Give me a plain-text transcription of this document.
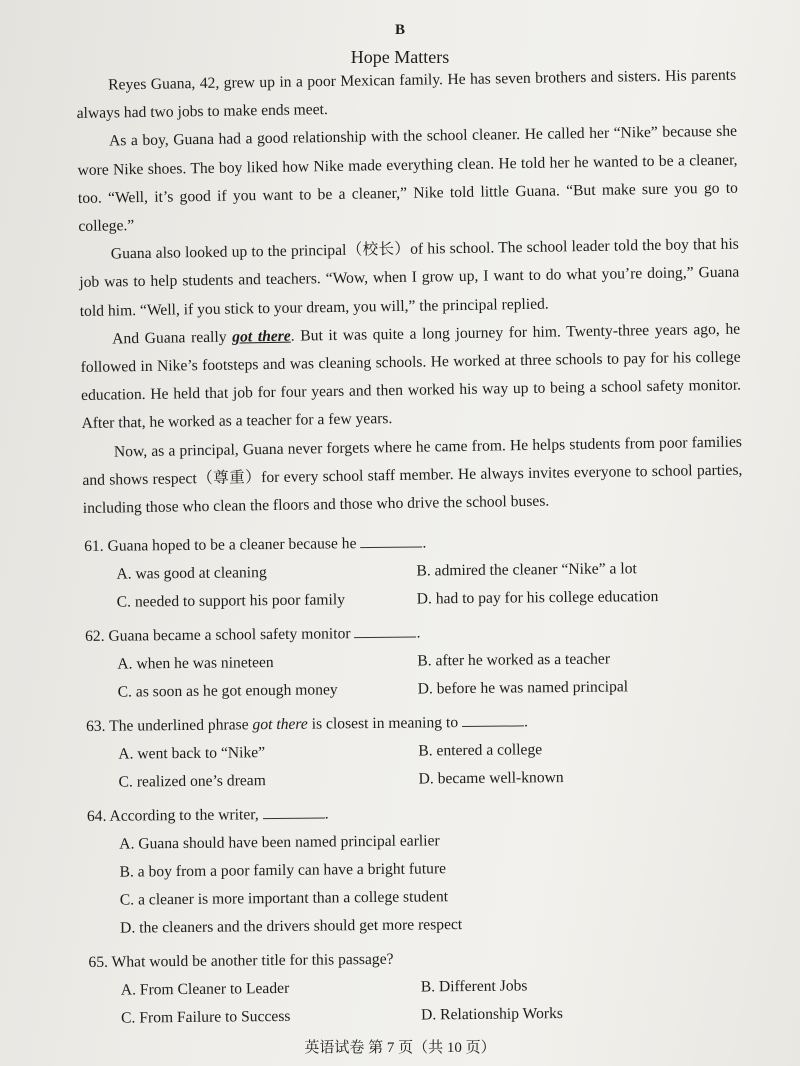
B
Hope Matters

Reyes Guana, 42, grew up in a poor Mexican family. He has seven brothers and sisters. His parents always had two jobs to make ends meet.

As a boy, Guana had a good relationship with the school cleaner. He called her “Nike” because she wore Nike shoes. The boy liked how Nike made everything clean. He told her he wanted to be a cleaner, too. “Well, it’s good if you want to be a cleaner,” Nike told little Guana. “But make sure you go to college.”

Guana also looked up to the principal（校长）of his school. The school leader told the boy that his job was to help students and teachers. “Wow, when I grow up, I want to do what you’re doing,” Guana told him. “Well, if you stick to your dream, you will,” the principal replied.

And Guana really got there. But it was quite a long journey for him. Twenty-three years ago, he followed in Nike’s footsteps and was cleaning schools. He worked at three schools to pay for his college education. He held that job for four years and then worked his way up to being a school safety monitor. After that, he worked as a teacher for a few years.

Now, as a principal, Guana never forgets where he came from. He helps students from poor families and shows respect（尊重）for every school staff member. He always invites everyone to school parties, including those who clean the floors and those who drive the school buses.

61. Guana hoped to be a cleaner because he	.
A. was good at cleaning	B. admired the cleaner “Nike” a lot
C. needed to support his poor family	D. had to pay for his college education
62. Guana became a school safety monitor	.
A. when he was nineteen	B. after he worked as a teacher
C. as soon as he got enough money	D. before he was named principal
63. The underlined phrase got there is closest in meaning to	.
A. went back to “Nike”	B. entered a college
C. realized one’s dream	D. became well-known
64. According to the writer,	.
A. Guana should have been named principal earlier
B. a boy from a poor family can have a bright future
C. a cleaner is more important than a college student
D. the cleaners and the drivers should get more respect
65. What would be another title for this passage?
A. From Cleaner to Leader	B. Different Jobs
C. From Failure to Success	D. Relationship Works
英语试卷 第 7 页（共 10 页）
